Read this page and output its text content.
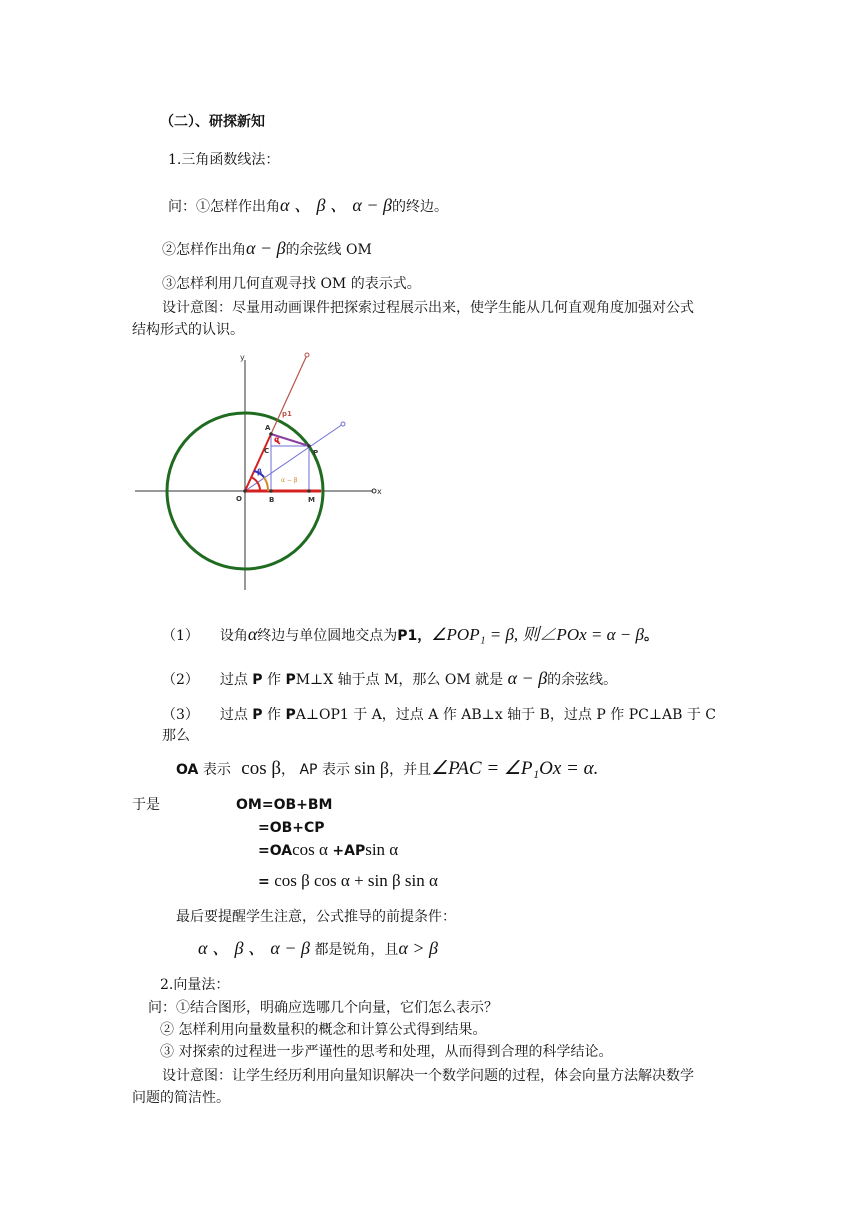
（二）、研探新知
1.三角函数线法：
问：①怎样作出角α 、 β 、 α − β的终边。
②怎样作出角α − β的余弦线 OM
③怎样利用几何直观寻找 OM 的表示式。
设计意图：尽量用动画课件把探索过程展示出来，使学生能从几何直观角度加强对公式
结构形式的认识。
y
x
O	B	M
P
A
C
p1
α
β
α − β
（1） 设角α终边与单位圆地交点为P1，∠POP₁ = β, 则∠POx = α − β。
（2） 过点 P 作 PM⊥X 轴于点 M，那么 OM 就是 α − β的余弦线。
（3） 过点 P 作 PA⊥OP1 于 A，过点 A 作 AB⊥x 轴于 B，过点 P 作 PC⊥AB 于 C
那么
OA 表示 cos β， AP 表示 sin β，并且∠PAC = ∠P₁Ox = α.
于是	OM=OB+BM
=OB+CP
=OAcos α +APsin α
= cos β cos α + sin β sin α
最后要提醒学生注意，公式推导的前提条件：
α 、 β 、 α − β 都是锐角，且α > β
2.向量法：
问：①结合图形，明确应选哪几个向量，它们怎么表示？
② 怎样利用向量数量积的概念和计算公式得到结果。
③ 对探索的过程进一步严谨性的思考和处理，从而得到合理的科学结论。
设计意图：让学生经历利用向量知识解决一个数学问题的过程，体会向量方法解决数学
问题的简洁性。
